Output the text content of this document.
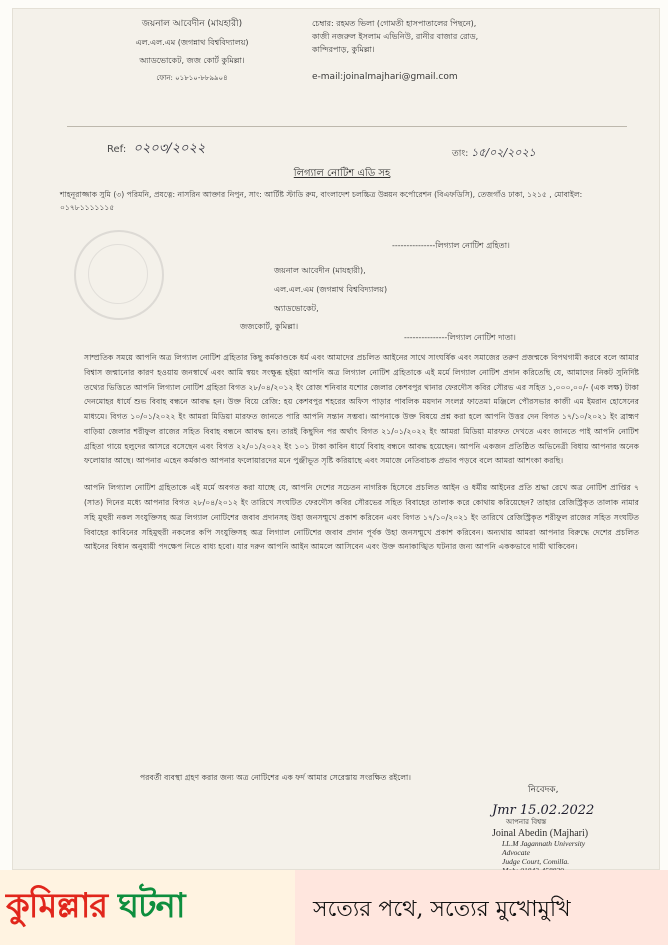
জয়নাল আবেদীন (মাযহারী)
এল.এল.এম (জগন্নাথ বিশ্ববিদ্যালয়)
অ্যাডভোকেট, জজ কোর্ট কুমিল্লা।
ফোন: ০১৮১০-৮৮৯৯০৪
চেম্বার: রহমত ভিলা (গোমতী হাসপাতালের পিছনে),
কাজী নজরুল ইসলাম এভিনিউ, রানীর বাজার রোড,
কান্দিরপাড়, কুমিল্লা।
e-mail:joinalmajhari@gmail.com
Ref: ০২০৩/২০২২	তাং: ১৫/০২/২০২১
লিগ্যাল নোটিশ এডি সহ
শাহনূরাজ্জাক সুমি (৩) পরিমনি, প্রযত্নে: নাসরিন আক্তার নিপুন, সাং: আর্টিষ্ট স্টাডি রুম, বাংলাদেশ চলচ্চিত্র উন্নয়ন কর্পোরেশন (বিএফডিসি), তেজগাঁও ঢাকা, ১২১৫ , মোবাইল: ০১৭৮১১১১১১৫
---------------লিগ্যাল নোটিশ গ্রহিতা।
জয়নাল আবেদীন (মাযহারী),
এল.এল.এম (জগন্নাথ বিশ্ববিদ্যালয়)
অ্যাডভোকেট,
জজকোর্ট, কুমিল্লা।
---------------লিগ্যাল নোটিশ দাতা।

সাম্প্রতিক সময়ে আপনি অত্র লিগ্যাল নোটিশ গ্রহিতার কিছু কর্মকাণ্ডকে ধর্ম এবং আমাদের প্রচলিত আইনের সাথে সাংঘর্ষিক এবং সমাজের তরুণ প্রজন্মকে বিপথগামী করবে বলে আমার বিশ্বাস জন্মানোর কারণ হওয়ায় জনস্বার্থে এবং আমি স্বয়ং সংক্ষুব্ধ হইয়া আপনি অত্র লিগ্যাল নোটিশ গ্রহিতাকে এই মর্মে লিগ্যাল নোটিশ প্রদান করিতেছি যে, আমাদের নিকট সুনির্দিষ্ট তথ্যের ভিত্তিতে আপনি লিগ্যাল নোটিশ গ্রহিতা বিগত ২৮/০৪/২০১২ ইং রোজ শনিবার যশোর জেলার কেশবপুর থানার ফেরদৌস কবির সৌরভ এর সহিত ১,০০০,০০/- (এক লক্ষ) টাকা দেনমোহর ধার্যে শুভ বিবাহ বন্ধনে আবদ্ধ হন। উক্ত বিয়ে রেজি: হয় কেশবপুর শহরের অফিস পাড়ার পাবলিক ময়দান সংলগ্ন ফাতেমা মঞ্জিলে পৌরসভার কাজী এম ইমরান হোসেনের মাধ্যমে। বিগত ১০/০১/২০২২ ইং আমরা মিডিয়া মারফত জানতে পারি আপনি সন্তান সম্ভবা। আপনাকে উক্ত বিষয়ে প্রশ্ন করা হলে আপনি উত্তর দেন বিগত ১৭/১০/২০২১ ইং ব্রাহ্মণ বাড়িয়া জেলার শরীফুল রাজের সহিত বিবাহ বন্ধনে আবদ্ধ হন। তারই কিছুদিন পর অর্থাৎ বিগত ২১/০১/২০২২ ইং আমরা মিডিয়া মারফত দেখতে এবং জানতে পাই আপনি নোটিশ গ্রহিতা গায়ে হলুদের আসরে বসেছেন এবং বিগত ২২/০১/২০২২ ইং ১০১ টাকা কাবিন ধার্যে বিবাহ বন্ধনে আবদ্ধ হয়েছেন। আপনি একজন প্রতিষ্ঠিত অভিনেত্রী বিধায় আপনার অনেক ফলোয়ার আছে। আপনার এহেন কর্মকাণ্ড আপনার ফলোয়ারদের মনে পুঞ্জীভূত সৃষ্টি করিয়াছে এবং সমাজে নেতিবাচক প্রভাব পড়বে বলে আমরা আশংকা করছি।

আপনি লিগ্যাল নোটিশ গ্রহিতাকে এই মর্মে অবগত করা যাচ্ছে যে, আপনি দেশের সচেতন নাগরিক হিসেবে প্রচলিত আইন ও ধর্মীয় আইনের প্রতি শ্রদ্ধা রেখে অত্র নোটিশ প্রাপ্তির ৭ (সাত) দিনের মধ্যে আপনার বিগত ২৮/০৪/২০১২ ইং তারিখে সংঘটিত ফেরদৌস কবির সৌরভের সহিত বিবাহের তালাক করে কোথায় করিয়েছেন? তাহার রেজিস্ট্রিকৃত তালাক নামার সহি মুহুরী নকল সংযুক্তিসহ অত্র লিগ্যাল নোটিশের জবাব প্রদানসহ উহা জনসম্মুখে প্রকাশ করিবেন এবং বিগত ১৭/১০/২০২১ ইং তারিখে রেজিস্ট্রিকৃত শরীফুল রাজের সহিত সংঘটিত বিবাহের কাবিনের সহিমুহুরী নকলের কপি সংযুক্তিসহ অত্র লিগ্যাল নোটিশের জবাব প্রদান পূর্বক উহা জনসম্মুখে প্রকাশ করিবেন। অন্যথায় আমরা আপনার বিরুদ্ধে দেশের প্রচলিত আইনের বিধান অনুযায়ী পদক্ষেপ নিতে বাধ্য হবো। যার দরুন আপনি আইন আমলে আসিবেন এবং উক্ত অনাকাঙ্খিত ঘটনার জন্য আপনি এককভাবে দায়ী থাকিবেন।

পরবর্তী ব্যবস্থা গ্রহণ করার জন্য অত্র নোটিশের এক ফর্দ আমার সেরেস্তায় সংরক্ষিত রইলো।
নিবেদক,
Jmr 15.02.2022
আপনার বিশ্বস্ত
Joinal Abedin (Majhari)
LL.M Jagannath University
Advocate
Judge Court, Comilla.
কুমিল্লার ঘটনা	সত্যের পথে, সত্যের মুখোমুখি
